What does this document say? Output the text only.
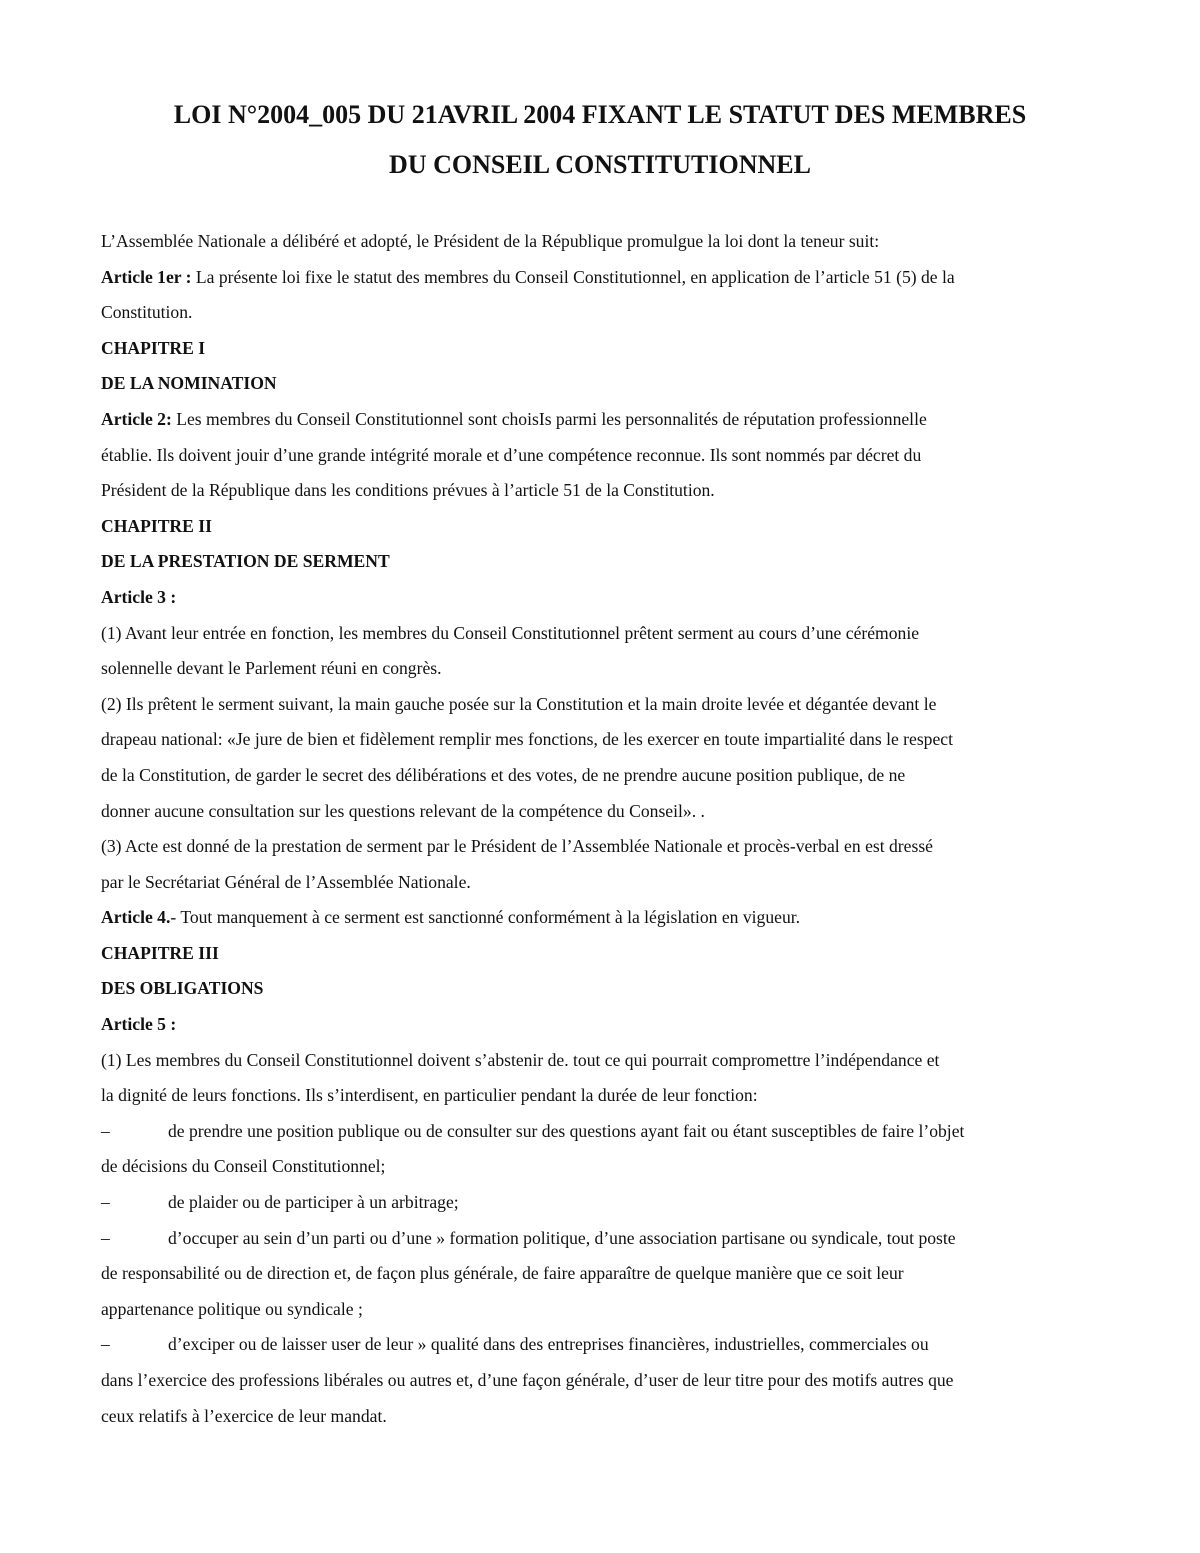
LOI N°2004_005 DU 21AVRIL 2004 FIXANT LE STATUT DES MEMBRES
DU CONSEIL CONSTITUTIONNEL
L’Assemblée Nationale a délibéré et adopté, le Président de la République promulgue la loi dont la teneur suit:
Article 1er : La présente loi fixe le statut des membres du Conseil Constitutionnel, en application de l’article 51 (5) de la
Constitution.
CHAPITRE I
DE LA NOMINATION
Article 2: Les membres du Conseil Constitutionnel sont choisIs parmi les personnalités de réputation professionnelle
établie. Ils doivent jouir d’une grande intégrité morale et d’une compétence reconnue. Ils sont nommés par décret du
Président de la République dans les conditions prévues à l’article 51 de la Constitution.
CHAPITRE II
DE LA PRESTATION DE SERMENT
Article 3 :
(1) Avant leur entrée en fonction, les membres du Conseil Constitutionnel prêtent serment au cours d’une cérémonie
solennelle devant le Parlement réuni en congrès.
(2) Ils prêtent le serment suivant, la main gauche posée sur la Constitution et la main droite levée et dégantée devant le
drapeau national: «Je jure de bien et fidèlement remplir mes fonctions, de les exercer en toute impartialité dans le respect
de la Constitution, de garder le secret des délibérations et des votes, de ne prendre aucune position publique, de ne
donner aucune consultation sur les questions relevant de la compétence du Conseil». .
(3) Acte est donné de la prestation de serment par le Président de l’Assemblée Nationale et procès-verbal en est dressé
par le Secrétariat Général de l’Assemblée Nationale.
Article 4.- Tout manquement à ce serment est sanctionné conformément à la législation en vigueur.
CHAPITRE III
DES OBLIGATIONS
Article 5 :
(1) Les membres du Conseil Constitutionnel doivent s’abstenir de. tout ce qui pourrait compromettre l’indépendance et
la dignité de leurs fonctions. Ils s’interdisent, en particulier pendant la durée de leur fonction:
–	de prendre une position publique ou de consulter sur des questions ayant fait ou étant susceptibles de faire l’objet
de décisions du Conseil Constitutionnel;
–	de plaider ou de participer à un arbitrage;
–	d’occuper au sein d’un parti ou d’une » formation politique, d’une association partisane ou syndicale, tout poste
de responsabilité ou de direction et, de façon plus générale, de faire apparaître de quelque manière que ce soit leur
appartenance politique ou syndicale ;
–	d’exciper ou de laisser user de leur » qualité dans des entreprises financières, industrielles, commerciales ou
dans l’exercice des professions libérales ou autres et, d’une façon générale, d’user de leur titre pour des motifs autres que
ceux relatifs à l’exercice de leur mandat.
